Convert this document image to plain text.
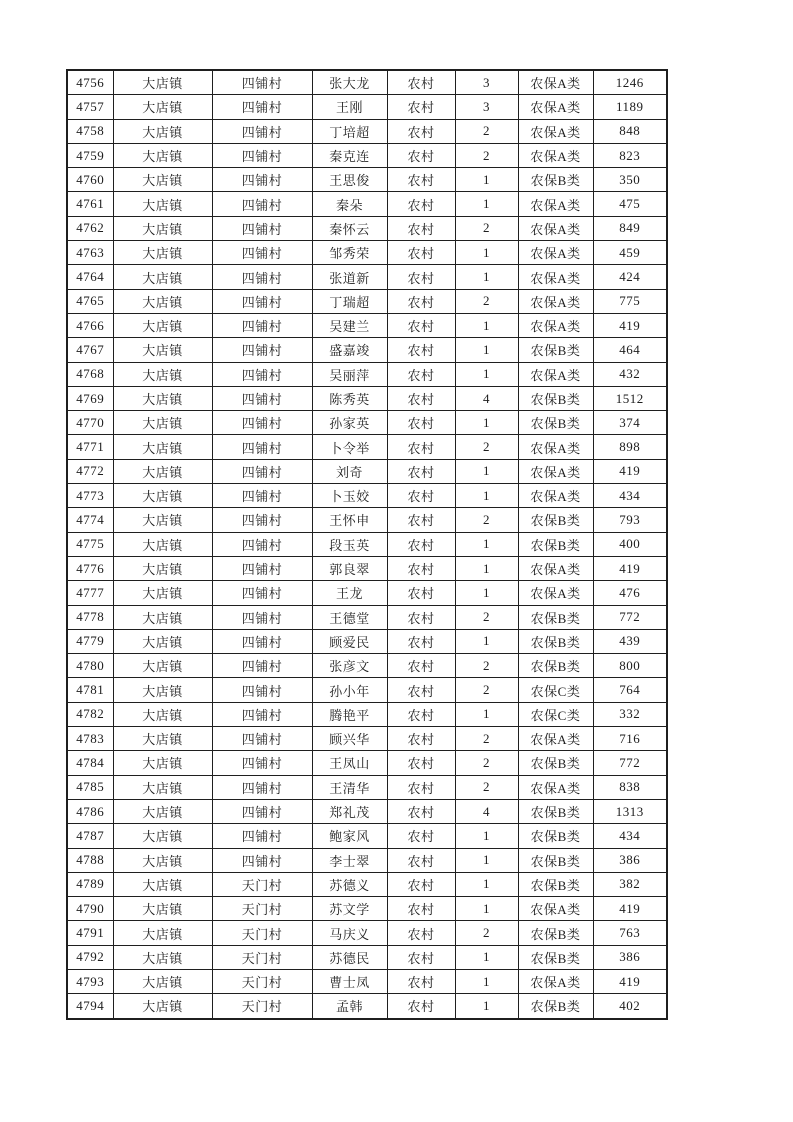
4756	大店镇	四铺村	张大龙	农村	3	农保A类	1246
4757	大店镇	四铺村	王刚	农村	3	农保A类	1189
4758	大店镇	四铺村	丁培超	农村	2	农保A类	848
4759	大店镇	四铺村	秦克连	农村	2	农保A类	823
4760	大店镇	四铺村	王思俊	农村	1	农保B类	350
4761	大店镇	四铺村	秦朵	农村	1	农保A类	475
4762	大店镇	四铺村	秦怀云	农村	2	农保A类	849
4763	大店镇	四铺村	邹秀荣	农村	1	农保A类	459
4764	大店镇	四铺村	张道新	农村	1	农保A类	424
4765	大店镇	四铺村	丁瑞超	农村	2	农保A类	775
4766	大店镇	四铺村	吴建兰	农村	1	农保A类	419
4767	大店镇	四铺村	盛嘉竣	农村	1	农保B类	464
4768	大店镇	四铺村	吴丽萍	农村	1	农保A类	432
4769	大店镇	四铺村	陈秀英	农村	4	农保B类	1512
4770	大店镇	四铺村	孙家英	农村	1	农保B类	374
4771	大店镇	四铺村	卜令举	农村	2	农保A类	898
4772	大店镇	四铺村	刘奇	农村	1	农保A类	419
4773	大店镇	四铺村	卜玉姣	农村	1	农保A类	434
4774	大店镇	四铺村	王怀申	农村	2	农保B类	793
4775	大店镇	四铺村	段玉英	农村	1	农保B类	400
4776	大店镇	四铺村	郭良翠	农村	1	农保A类	419
4777	大店镇	四铺村	王龙	农村	1	农保A类	476
4778	大店镇	四铺村	王德堂	农村	2	农保B类	772
4779	大店镇	四铺村	顾爱民	农村	1	农保B类	439
4780	大店镇	四铺村	张彦文	农村	2	农保B类	800
4781	大店镇	四铺村	孙小年	农村	2	农保C类	764
4782	大店镇	四铺村	腾艳平	农村	1	农保C类	332
4783	大店镇	四铺村	顾兴华	农村	2	农保A类	716
4784	大店镇	四铺村	王凤山	农村	2	农保B类	772
4785	大店镇	四铺村	王清华	农村	2	农保A类	838
4786	大店镇	四铺村	郑礼茂	农村	4	农保B类	1313
4787	大店镇	四铺村	鲍家风	农村	1	农保B类	434
4788	大店镇	四铺村	李士翠	农村	1	农保B类	386
4789	大店镇	天门村	苏德义	农村	1	农保B类	382
4790	大店镇	天门村	苏文学	农村	1	农保A类	419
4791	大店镇	天门村	马庆义	农村	2	农保B类	763
4792	大店镇	天门村	苏德民	农村	1	农保B类	386
4793	大店镇	天门村	曹士凤	农村	1	农保A类	419
4794	大店镇	天门村	孟韩	农村	1	农保B类	402
